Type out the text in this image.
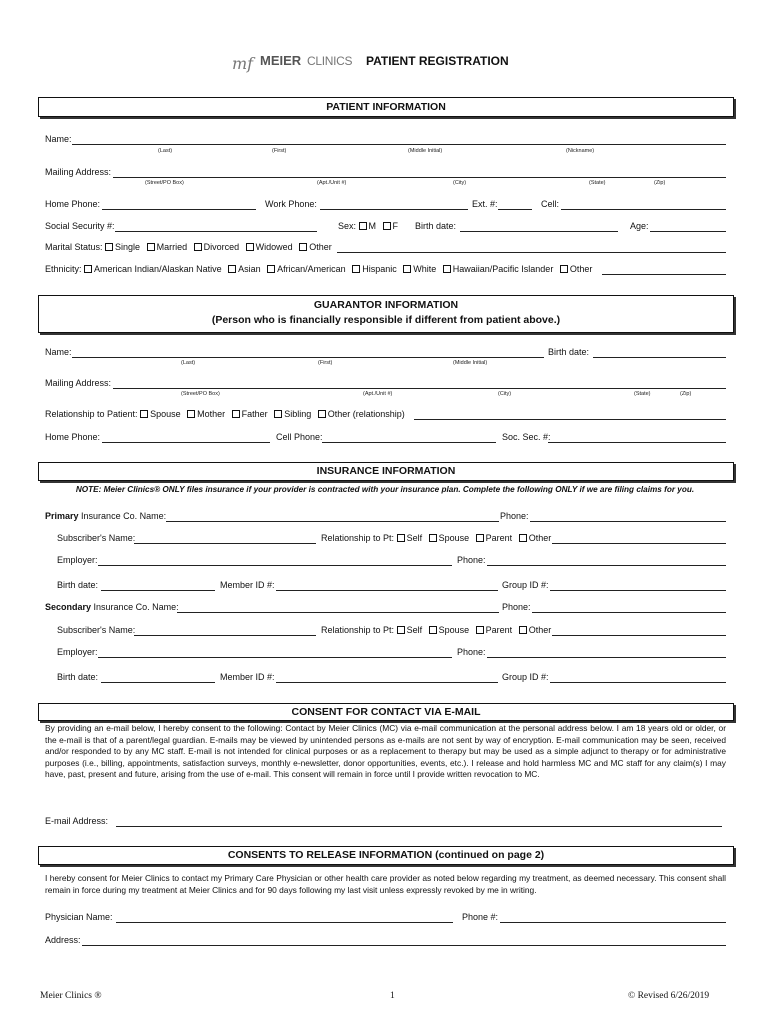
mf MEIER CLINICS PATIENT REGISTRATION
PATIENT INFORMATION
Name:
(Last)	(First)	(Middle Initial)	(Nickname)
Mailing Address:
(Street/PO Box)	(Apt./Unit #)	(City)	(State)	(Zip)
Home Phone:	Work Phone:	Ext. #:	Cell:
Social Security #:	Sex: M F Birth date:	Age:
Marital Status: Single Married Divorced Widowed Other
Ethnicity: American Indian/Alaskan Native Asian African/American Hispanic White Hawaiian/Pacific Islander Other
GUARANTOR INFORMATION
(Person who is financially responsible if different from patient above.)
Name:	Birth date:
(Last)	(First)	(Middle Initial)
Mailing Address:
(Street/PO Box)	(Apt./Unit #)	(City)	(State)	(Zip)
Relationship to Patient: Spouse Mother Father Sibling Other (relationship)
Home Phone:	Cell Phone:	Soc. Sec. #:
INSURANCE INFORMATION
NOTE: Meier Clinics® ONLY files insurance if your provider is contracted with your insurance plan. Complete the following ONLY if we are filing claims for you.
Primary Insurance Co. Name:	Phone:
Subscriber's Name:	Relationship to Pt: Self Spouse Parent Other
Employer:	Phone:
Birth date:	Member ID #:	Group ID #:
Secondary Insurance Co. Name:	Phone:
Subscriber's Name:	Relationship to Pt: Self Spouse Parent Other
Employer:	Phone:
Birth date:	Member ID #:	Group ID #:
CONSENT FOR CONTACT VIA E-MAIL
By providing an e-mail below, I hereby consent to the following: Contact by Meier Clinics (MC) via e-mail communication at the personal address below. I am 18 years old or older, or the e-mail is that of a parent/legal guardian. E-mails may be viewed by unintended persons as e-mails are not sent by way of encryption. E-mail communication may be seen, received and/or responded to by any MC staff. E-mail is not intended for clinical purposes or as a replacement to therapy but may be used as a simple adjunct to therapy or for administrative purposes (i.e., billing, appointments, satisfaction surveys, monthly e-newsletter, donor opportunities, events, etc.). I release and hold harmless MC and MC staff for any claim(s) I may have, past, present and future, arising from the use of e-mail. This consent will remain in force until I provide written revocation to MC.
E-mail Address:
CONSENTS TO RELEASE INFORMATION (continued on page 2)
I hereby consent for Meier Clinics to contact my Primary Care Physician or other health care provider as noted below regarding my treatment, as deemed necessary. This consent shall remain in force during my treatment at Meier Clinics and for 90 days following my last visit unless expressly revoked by me in writing.
Physician Name:	Phone #:
Address:
Meier Clinics ®	1	© Revised 6/26/2019
